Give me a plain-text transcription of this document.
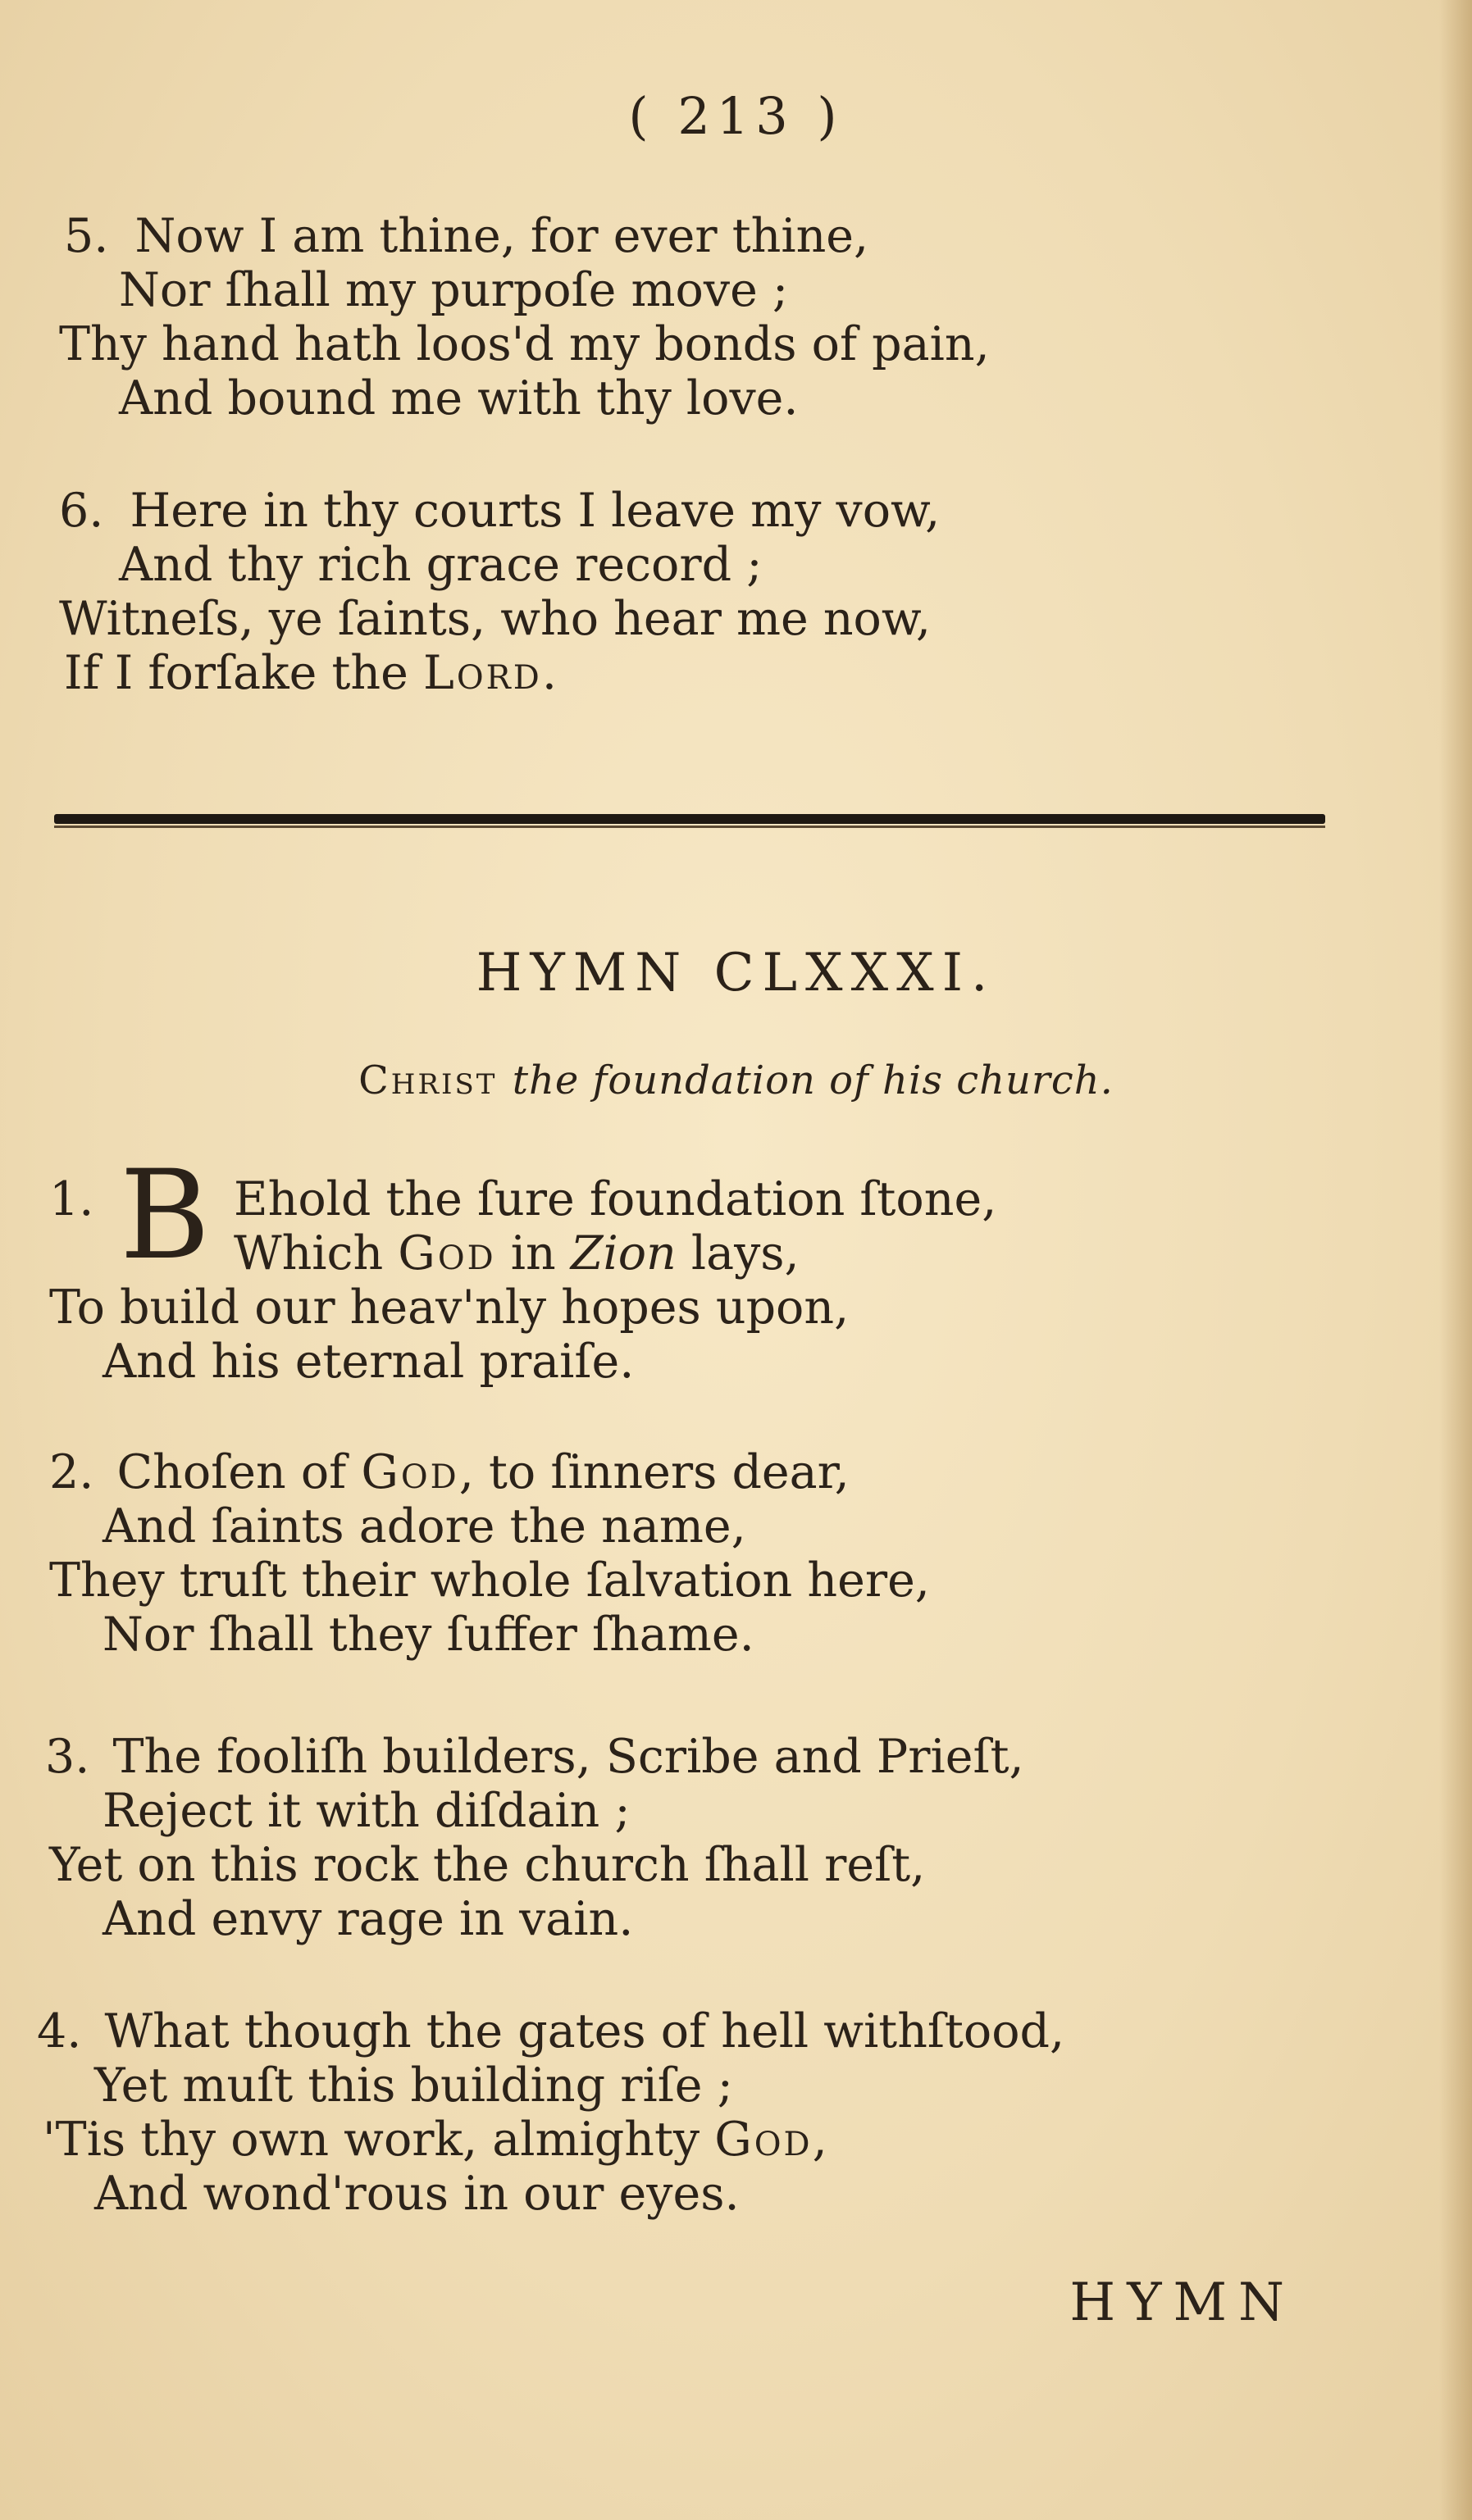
( 213 )
5. Now I am thine, for ever thine,
Nor ſhall my purpoſe move ;
Thy hand hath loos'd my bonds of pain,
And bound me with thy love.
6. Here in thy courts I leave my vow,
And thy rich grace record ;
Witneſs, ye ſaints, who hear me now,
If I forſake the Lord.
HYMN CLXXXI.
Christ the foundation of his church.
1. B Ehold the ſure foundation ſtone,
Which God in Zion lays,
To build our heav'nly hopes upon,
And his eternal praiſe.
2. Choſen of God, to ſinners dear,
And ſaints adore the name,
They truſt their whole ſalvation here,
Nor ſhall they ſuffer ſhame.
3. The fooliſh builders, Scribe and Prieſt,
Reject it with diſdain ;
Yet on this rock the church ſhall reſt,
And envy rage in vain.
4. What though the gates of hell withſtood,
Yet muſt this building riſe ;
'Tis thy own work, almighty God,
And wond'rous in our eyes.
HYMN
